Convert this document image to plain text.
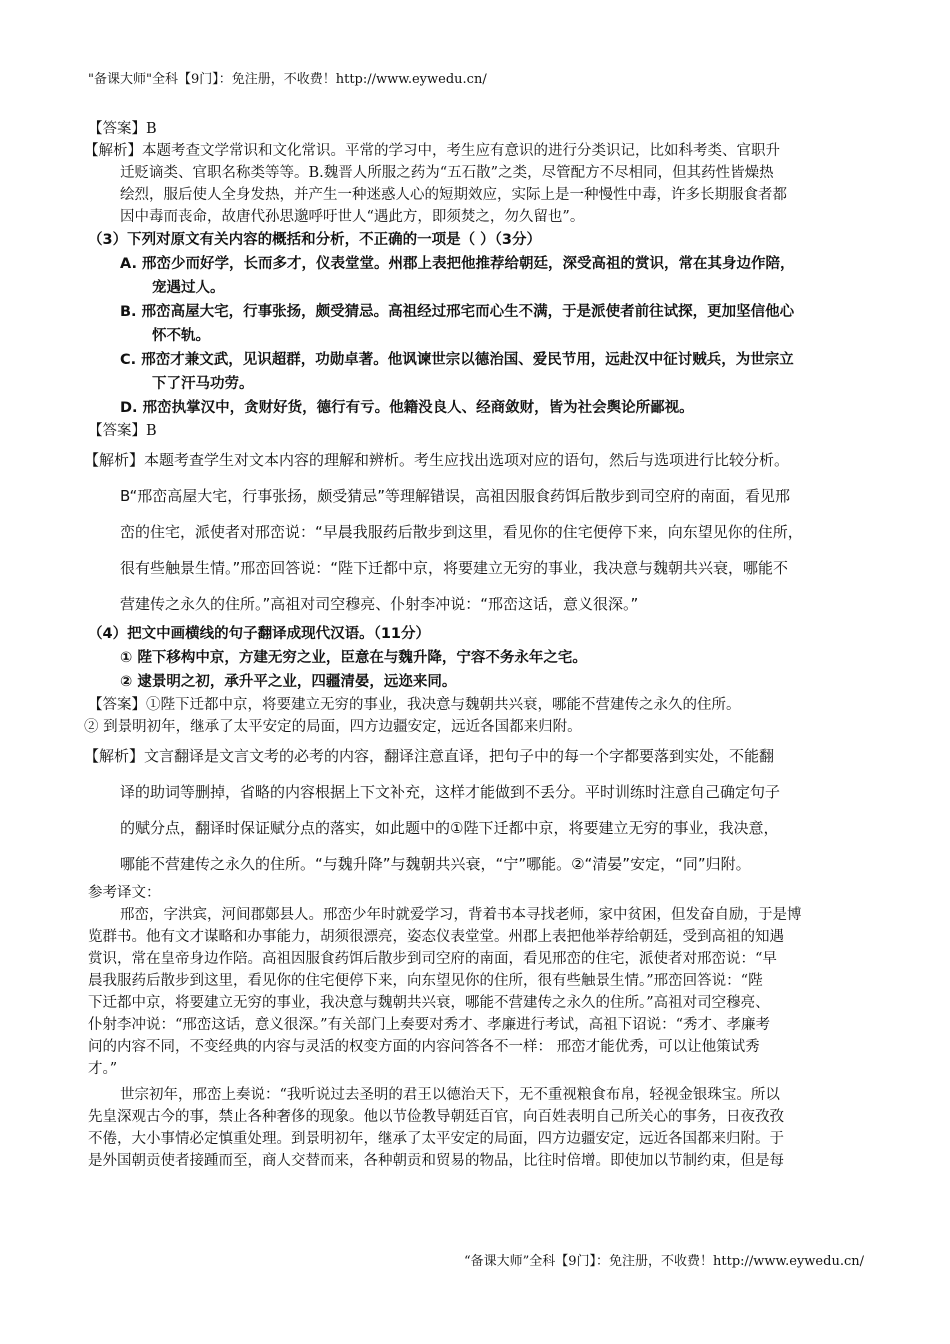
"备课大师"全科【9门】：免注册，不收费！http://www.eywedu.cn/
【答案】B
【解析】本题考查文学常识和文化常识。平常的学习中，考生应有意识的进行分类识记，比如科考类、官职升
迁贬谪类、官职名称类等等。B.魏晋人所服之药为“五石散”之类，尽管配方不尽相同，但其药性皆燥热
绘烈，服后使人全身发热，并产生一种迷惑人心的短期效应，实际上是一种慢性中毒，许多长期服食者都
因中毒而丧命，故唐代孙思邈呼吁世人“遇此方，即须焚之，勿久留也”。
（3）下列对原文有关内容的概括和分析，不正确的一项是（ ）（3分）
A. 邢峦少而好学，长而多才，仪表堂堂。州郡上表把他推荐给朝廷，深受高祖的赏识，常在其身边作陪，
宠遇过人。
B. 邢峦高屋大宅，行事张扬，颇受猜忌。高祖经过邢宅而心生不满，于是派使者前往试探，更加坚信他心
怀不轨。
C. 邢峦才兼文武，见识超群，功勋卓著。他讽谏世宗以德治国、爱民节用，远赴汉中征讨贼兵，为世宗立
下了汗马功劳。
D. 邢峦执掌汉中，贪财好货，德行有亏。他籍没良人、经商敛财，皆为社会舆论所鄙视。
【答案】B
【解析】本题考查学生对文本内容的理解和辨析。考生应找出选项对应的语句，然后与选项进行比较分析。
B“邢峦高屋大宅，行事张扬，颇受猜忌”等理解错误，高祖因服食药饵后散步到司空府的南面，看见邢
峦的住宅，派使者对邢峦说：“早晨我服药后散步到这里，看见你的住宅便停下来，向东望见你的住所，
很有些触景生情。”邢峦回答说：“陛下迁都中京，将要建立无穷的事业，我决意与魏朝共兴衰，哪能不
营建传之永久的住所。”高祖对司空穆亮、仆射李冲说：“邢峦这话，意义很深。”
（4）把文中画横线的句子翻译成现代汉语。（11分）
① 陛下移构中京，方建无穷之业，臣意在与魏升降，宁容不务永年之宅。
② 逮景明之初，承升平之业，四疆清晏，远迩来同。
【答案】①陛下迁都中京，将要建立无穷的事业，我决意与魏朝共兴衰，哪能不营建传之永久的住所。
② 到景明初年，继承了太平安定的局面，四方边疆安定，远近各国都来归附。
【解析】文言翻译是文言文考的必考的内容，翻译注意直译，把句子中的每一个字都要落到实处，不能翻
译的助词等删掉，省略的内容根据上下文补充，这样才能做到不丢分。平时训练时注意自己确定句子
的赋分点，翻译时保证赋分点的落实，如此题中的①陛下迁都中京，将要建立无穷的事业，我决意，
哪能不营建传之永久的住所。“与魏升降”与魏朝共兴衰，“宁”哪能。②“清晏”安定，“同”归附。
参考译文：

邢峦，字洪宾，河间郡鄚县人。邢峦少年时就爱学习，背着书本寻找老师，家中贫困，但发奋自励，于是博

览群书。他有文才谋略和办事能力，胡须很漂亮，姿态仪表堂堂。州郡上表把他举荐给朝廷，受到高祖的知遇

赏识，常在皇帝身边作陪。高祖因服食药饵后散步到司空府的南面，看见邢峦的住宅，派使者对邢峦说：“早

晨我服药后散步到这里，看见你的住宅便停下来，向东望见你的住所，很有些触景生情。”邢峦回答说：“陛

下迁都中京，将要建立无穷的事业，我决意与魏朝共兴衰，哪能不营建传之永久的住所。”高祖对司空穆亮、

仆射李冲说：“邢峦这话，意义很深。”有关部门上奏要对秀才、孝廉进行考试，高祖下诏说：“秀才、孝廉考

问的内容不同，不变经典的内容与灵活的权变方面的内容问答各不一样： 邢峦才能优秀，可以让他策试秀

才。”

世宗初年，邢峦上奏说：“我听说过去圣明的君王以德治天下，无不重视粮食布帛，轻视金银珠宝。所以

先皇深观古今的事，禁止各种奢侈的现象。他以节俭教导朝廷百官，向百姓表明自己所关心的事务，日夜孜孜

不倦，大小事情必定慎重处理。到景明初年，继承了太平安定的局面，四方边疆安定，远近各国都来归附。于

是外国朝贡使者接踵而至，商人交替而来，各种朝贡和贸易的物品，比往时倍增。即使加以节制约束，但是每

“备课大师”全科【9门】：免注册，不收费！http://www.eywedu.cn/
